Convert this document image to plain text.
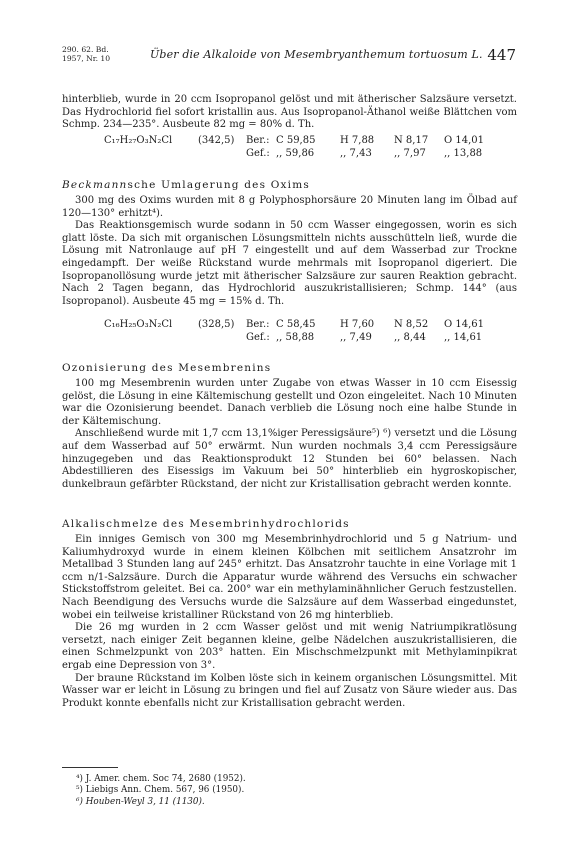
290. 62. Bd.
1957, Nr. 10	Über die Alkaloide von Mesembryanthemum tortuosum L. 447

hinterblieb, wurde in 20 ccm Isopropanol gelöst und mit ätherischer Salzsäure versetzt. Das Hydrochlorid fiel sofort kristallin aus. Aus Isopropanol-Äthanol weiße Blättchen vom Schmp. 234—235°. Ausbeute 82 mg = 80% d. Th.

C₁₇H₂₇O₃N₂Cl	(342,5) Ber.: C 59,85 H 7,88 N 8,17 O 14,01
Gef.: ,, 59,86	,, 7,43 ,, 7,97 ,, 13,88
Beckmannsche Umlagerung des Oxims

300 mg des Oxims wurden mit 8 g Polyphosphorsäure 20 Minuten lang im Ölbad auf 120—130° erhitzt⁴).

Das Reaktionsgemisch wurde sodann in 50 ccm Wasser eingegossen, worin es sich glatt löste. Da sich mit organischen Lösungsmitteln nichts ausschütteln ließ, wurde die Lösung mit Natronlauge auf pH 7 eingestellt und auf dem Wasserbad zur Trockne eingedampft. Der weiße Rückstand wurde mehrmals mit Isopropanol digeriert. Die Isopropanollösung wurde jetzt mit ätherischer Salzsäure zur sauren Reaktion gebracht. Nach 2 Tagen begann, das Hydrochlorid auszukristallisieren; Schmp. 144° (aus Isopropanol). Ausbeute 45 mg = 15% d. Th.

C₁₆H₂₅O₃N₂Cl	(328,5) Ber.: C 58,45 H 7,60 N 8,52 O 14,61
Gef.: ,, 58,88	,, 7,49 ,, 8,44 ,, 14,61
Ozonisierung des Mesembrenins

100 mg Mesembrenin wurden unter Zugabe von etwas Wasser in 10 ccm Eisessig gelöst, die Lösung in eine Kältemischung gestellt und Ozon eingeleitet. Nach 10 Minuten war die Ozonisierung beendet. Danach verblieb die Lösung noch eine halbe Stunde in der Kältemischung.

Anschließend wurde mit 1,7 ccm 13,1%iger Peressigsäure⁵) ⁶) versetzt und die Lösung auf dem Wasserbad auf 50° erwärmt. Nun wurden nochmals 3,4 ccm Peressigsäure hinzugegeben und das Reaktionsprodukt 12 Stunden bei 60° belassen. Nach Abdestillieren des Eisessigs im Vakuum bei 50° hinterblieb ein hygroskopischer, dunkelbraun gefärbter Rückstand, der nicht zur Kristallisation gebracht werden konnte.

Alkalischmelze des Mesembrinhydrochlorids

Ein inniges Gemisch von 300 mg Mesembrinhydrochlorid und 5 g Natrium- und Kaliumhydroxyd wurde in einem kleinen Kölbchen mit seitlichem Ansatzrohr im Metallbad 3 Stunden lang auf 245° erhitzt. Das Ansatzrohr tauchte in eine Vorlage mit 1 ccm n/1-Salzsäure. Durch die Apparatur wurde während des Versuchs ein schwacher Stickstoffstrom geleitet. Bei ca. 200° war ein methylaminähnlicher Geruch festzustellen. Nach Beendigung des Versuchs wurde die Salzsäure auf dem Wasserbad eingedunstet, wobei ein teilweise kristalliner Rückstand von 26 mg hinterblieb.

Die 26 mg wurden in 2 ccm Wasser gelöst und mit wenig Natriumpikratlösung versetzt, nach einiger Zeit begannen kleine, gelbe Nädelchen auszukristallisieren, die einen Schmelzpunkt von 203° hatten. Ein Mischschmelzpunkt mit Methylaminpikrat ergab eine Depression von 3°.

Der braune Rückstand im Kolben löste sich in keinem organischen Lösungsmittel. Mit Wasser war er leicht in Lösung zu bringen und fiel auf Zusatz von Säure wieder aus. Das Produkt konnte ebenfalls nicht zur Kristallisation gebracht werden.

⁴) J. Amer. chem. Soc 74, 2680 (1952).
⁵) Liebigs Ann. Chem. 567, 96 (1950).
⁶) Houben-Weyl 3, 11 (1130).
